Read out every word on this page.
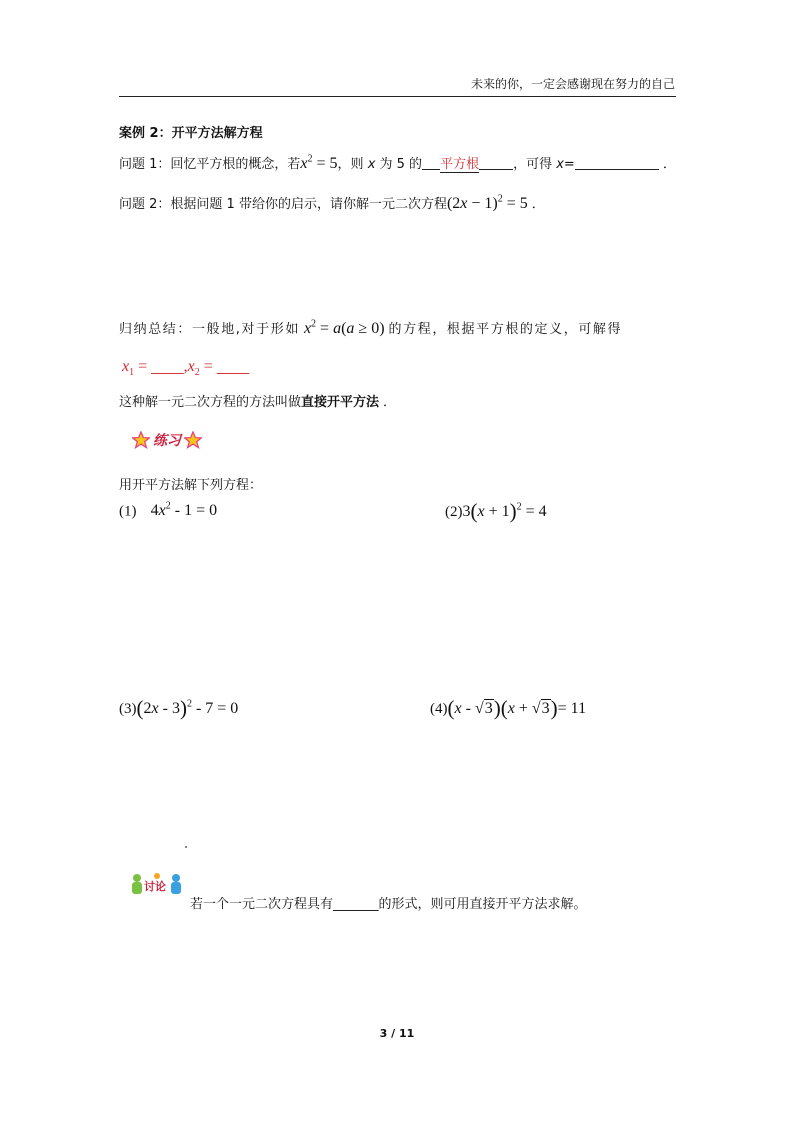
未来的你，一定会感谢现在努力的自己
案例 2：开平方法解方程
问题 1：回忆平方根的概念，若$x^2 = 5$，则 x 为 5 的 平方根	，可得 x=	．
问题 2：根据问题 1 带给你的启示，请你解一元二次方程$(2x - 1)^2 = 5$ ．
归纳总结：一般地,对于形如 $x^2 = a(a \ge 0)$ 的方程，根据平方根的定义，可解得
$x_1$ = $\_\_\_\_\_,x_2$ = _____
这种解一元二次方程的方法叫做直接开平方法 ．
练习
用开平方法解下列方程：
(1) $4x^2 - 1 = 0$	$(2)3(x + 1)^2 = 4$
(3)(2x - 3)$^2$ - 7 = 0	(4)(x - √3)(x + √3)= 11
讨论
若一个一元二次方程具有_______的形式，则可用直接开平方法求解。
3 / 11
